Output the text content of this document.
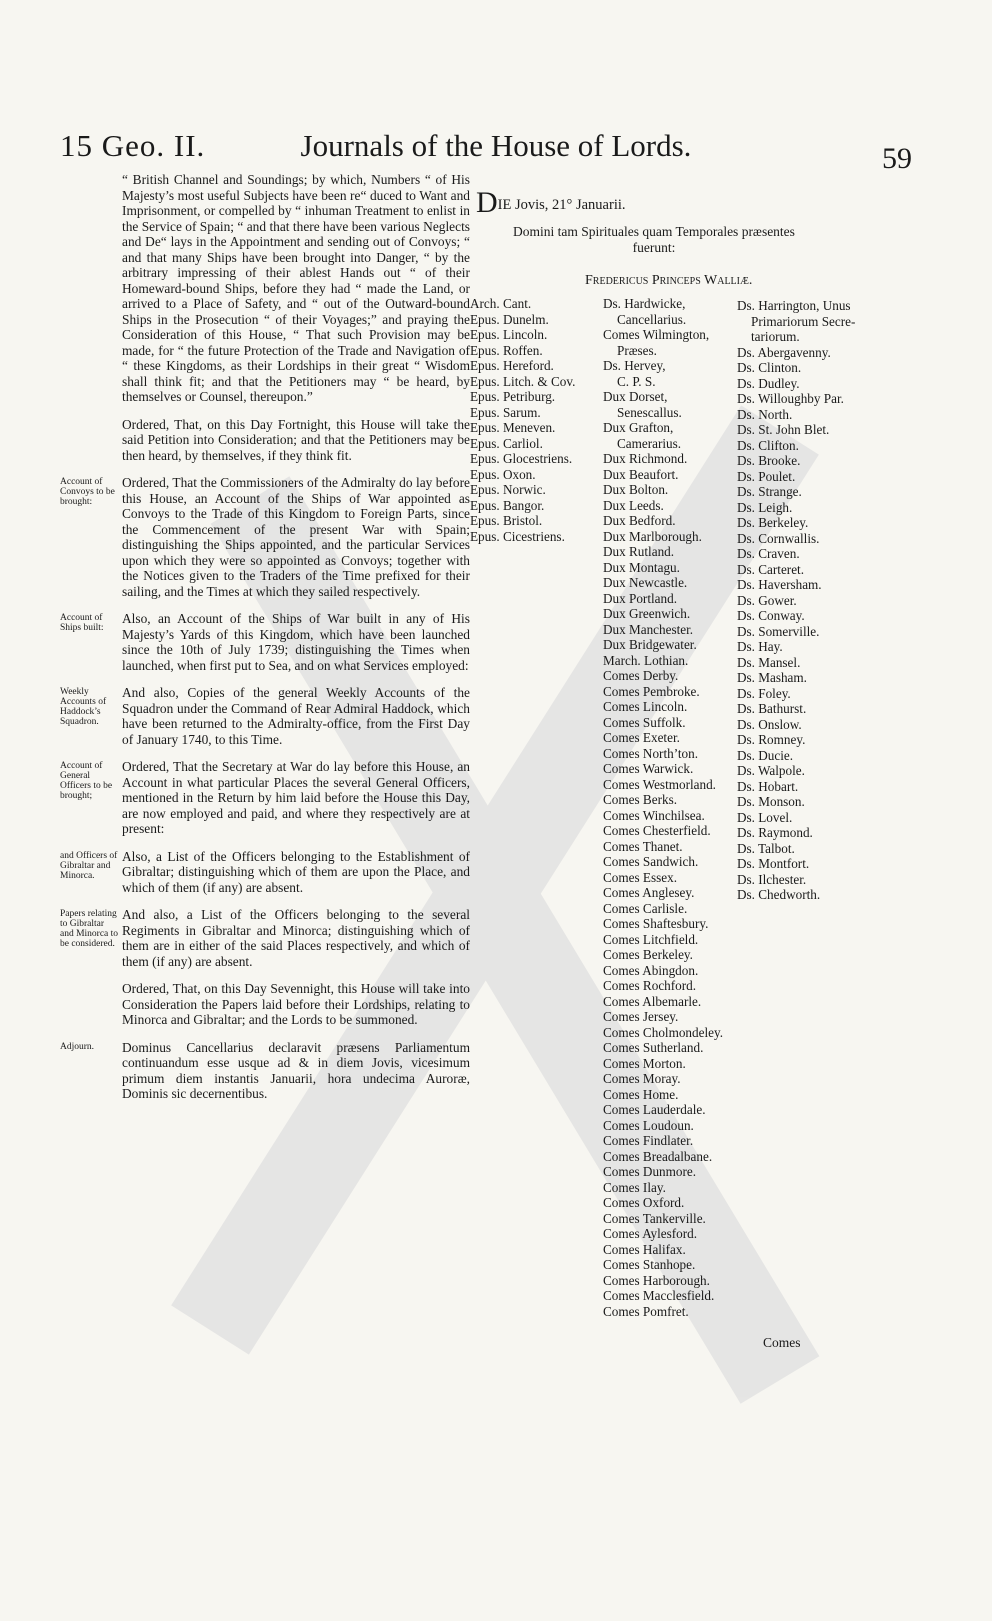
15 Geo. II.	Journals of the House of Lords.	59
“ British Channel and Soundings; by which, Numbers “ of His Majesty’s most useful Subjects have been re“ duced to Want and Imprisonment, or compelled by “ inhuman Treatment to enlist in the Service of Spain; “ and that there have been various Neglects and De“ lays in the Appointment and sending out of Convoys; “ and that many Ships have been brought into Danger, “ by the arbitrary impressing of their ablest Hands out “ of their Homeward-bound Ships, before they had “ made the Land, or arrived to a Place of Safety, and “ out of the Outward-bound Ships in the Prosecution “ of their Voyages;” and praying the Consideration of this House, “ That such Provision may be made, for “ the future Protection of the Trade and Navigation of “ these Kingdoms, as their Lordships in their great “ Wisdom shall think fit; and that the Petitioners may “ be heard, by themselves or Counsel, thereupon.”
Ordered, That, on this Day Fortnight, this House will take the said Petition into Consideration; and that the Petitioners may be then heard, by themselves, if they think fit.
Account of Convoys to be brought:
Ordered, That the Commissioners of the Admiralty do lay before this House, an Account of the Ships of War appointed as Convoys to the Trade of this Kingdom to Foreign Parts, since the Commencement of the present War with Spain; distinguishing the Ships appointed, and the particular Services upon which they were so appointed as Convoys; together with the Notices given to the Traders of the Time prefixed for their sailing, and the Times at which they sailed respectively.
Account of Ships built:
Also, an Account of the Ships of War built in any of His Majesty’s Yards of this Kingdom, which have been launched since the 10th of July 1739; distinguishing the Times when launched, when first put to Sea, and on what Services employed:
Weekly Accounts of Haddock’s Squadron.
And also, Copies of the general Weekly Accounts of the Squadron under the Command of Rear Admiral Haddock, which have been returned to the Admiralty-office, from the First Day of January 1740, to this Time.
Account of General Officers to be brought;
Ordered, That the Secretary at War do lay before this House, an Account in what particular Places the several General Officers, mentioned in the Return by him laid before the House this Day, are now employed and paid, and where they respectively are at present:
and Officers of Gibraltar and Minorca.
Also, a List of the Officers belonging to the Establishment of Gibraltar; distinguishing which of them are upon the Place, and which of them (if any) are absent.
Papers relating to Gibraltar and Minorca to be considered.
And also, a List of the Officers belonging to the several Regiments in Gibraltar and Minorca; distinguishing which of them are in either of the said Places respectively, and which of them (if any) are absent.
Ordered, That, on this Day Sevennight, this House will take into Consideration the Papers laid before their Lordships, relating to Minorca and Gibraltar; and the Lords to be summoned.
Adjourn.	Dominus Cancellarius declaravit præsens Parliamentum continuandum esse usque ad & in diem Jovis, vicesimum primum diem instantis Januarii, hora undecima Auroræ, Dominis sic decernentibus.
DIE Jovis, 21° Januarii.
Domini tam Spirituales quam Temporales præsentes fuerunt:
Fredericus Princeps Walliæ.
Arch. Cant.
Epus. Dunelm.
Epus. Lincoln.
Epus. Roffen.
Epus. Hereford.
Epus. Litch. & Cov.
Epus. Petriburg.
Epus. Sarum.
Epus. Meneven.
Epus. Carliol.
Epus. Glocestriens.
Epus. Oxon.
Epus. Norwic.
Epus. Bangor.
Epus. Bristol.
Epus. Cicestriens.
Ds. Hardwicke,
Cancellarius.
Comes Wilmington,
Præses.
Ds. Hervey,
C. P. S.
Dux Dorset,
Senescallus.
Dux Grafton,
Camerarius.
Dux Richmond.
Dux Beaufort.
Dux Bolton.
Dux Leeds.
Dux Bedford.
Dux Marlborough.
Dux Rutland.
Dux Montagu.
Dux Newcastle.
Dux Portland.
Dux Greenwich.
Dux Manchester.
Dux Bridgewater.
March. Lothian.
Comes Derby.
Comes Pembroke.
Comes Lincoln.
Comes Suffolk.
Comes Exeter.
Comes North’ton.
Comes Warwick.
Comes Westmorland.
Comes Berks.
Comes Winchilsea.
Comes Chesterfield.
Comes Thanet.
Comes Sandwich.
Comes Essex.
Comes Anglesey.
Comes Carlisle.
Comes Shaftesbury.
Comes Litchfield.
Comes Berkeley.
Comes Abingdon.
Comes Rochford.
Comes Albemarle.
Comes Jersey.
Comes Cholmondeley.
Comes Sutherland.
Comes Morton.
Comes Moray.
Comes Home.
Comes Lauderdale.
Comes Loudoun.
Comes Findlater.
Comes Breadalbane.
Comes Dunmore.
Comes Ilay.
Comes Oxford.
Comes Tankerville.
Comes Aylesford.
Comes Halifax.
Comes Stanhope.
Comes Harborough.
Comes Macclesfield.
Comes Pomfret.
Ds. Harrington, Unus
Primariorum Secre-
tariorum.
Ds. Abergavenny.
Ds. Clinton.
Ds. Dudley.
Ds. Willoughby Par.
Ds. North.
Ds. St. John Blet.
Ds. Clifton.
Ds. Brooke.
Ds. Poulet.
Ds. Strange.
Ds. Leigh.
Ds. Berkeley.
Ds. Cornwallis.
Ds. Craven.
Ds. Carteret.
Ds. Haversham.
Ds. Gower.
Ds. Conway.
Ds. Somerville.
Ds. Hay.
Ds. Mansel.
Ds. Masham.
Ds. Foley.
Ds. Bathurst.
Ds. Onslow.
Ds. Romney.
Ds. Ducie.
Ds. Walpole.
Ds. Hobart.
Ds. Monson.
Ds. Lovel.
Ds. Raymond.
Ds. Talbot.
Ds. Montfort.
Ds. Ilchester.
Ds. Chedworth.
Comes
